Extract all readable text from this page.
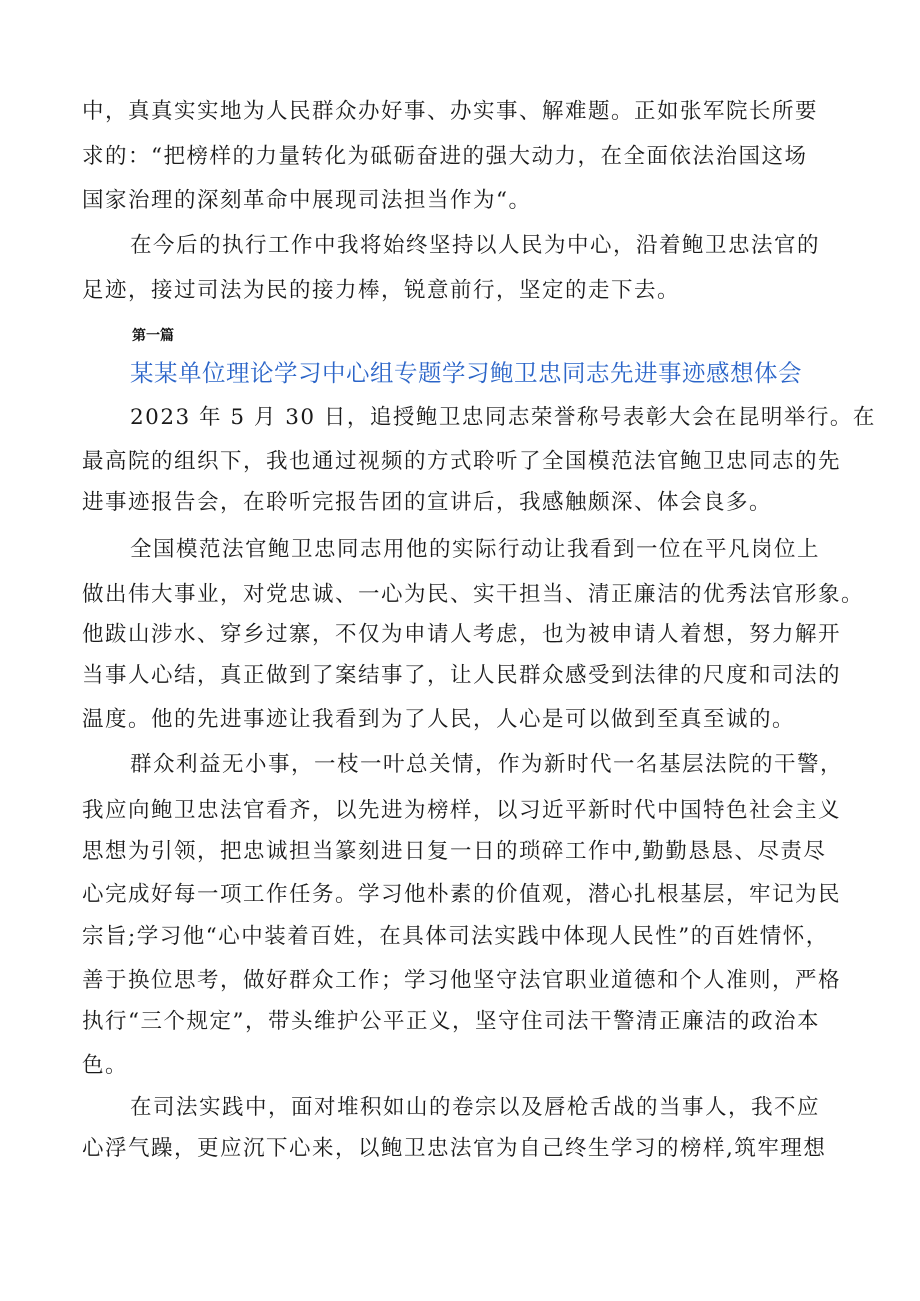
中，真真实实地为人民群众办好事、办实事、解难题。正如张军院长所要
求的：“把榜样的力量转化为砥砺奋进的强大动力，在全面依法治国这场
国家治理的深刻革命中展现司法担当作为“。
在今后的执行工作中我将始终坚持以人民为中心，沿着鲍卫忠法官的
足迹，接过司法为民的接力棒，锐意前行，坚定的走下去。
第一篇
某某单位理论学习中心组专题学习鲍卫忠同志先进事迹感想体会
2023 年 5 月 30 日，追授鲍卫忠同志荣誉称号表彰大会在昆明举行。在
最高院的组织下，我也通过视频的方式聆听了全国模范法官鲍卫忠同志的先
进事迹报告会，在聆听完报告团的宣讲后，我感触颇深、体会良多。
全国模范法官鲍卫忠同志用他的实际行动让我看到一位在平凡岗位上
做出伟大事业，对党忠诚、一心为民、实干担当、清正廉洁的优秀法官形象。
他跋山涉水、穿乡过寨，不仅为申请人考虑，也为被申请人着想，努力解开
当事人心结，真正做到了案结事了，让人民群众感受到法律的尺度和司法的
温度。他的先进事迹让我看到为了人民，人心是可以做到至真至诚的。
群众利益无小事，一枝一叶总关情，作为新时代一名基层法院的干警，
我应向鲍卫忠法官看齐，以先进为榜样，以习近平新时代中国特色社会主义
思想为引领，把忠诚担当篆刻进日复一日的琐碎工作中,勤勤恳恳、尽责尽
心完成好每一项工作任务。学习他朴素的价值观，潜心扎根基层，牢记为民
宗旨;学习他“心中装着百姓，在具体司法实践中体现人民性”的百姓情怀，
善于换位思考，做好群众工作；学习他坚守法官职业道德和个人准则，严格
执行“三个规定”，带头维护公平正义，坚守住司法干警清正廉洁的政治本
色。
在司法实践中，面对堆积如山的卷宗以及唇枪舌战的当事人，我不应
心浮气躁，更应沉下心来，以鲍卫忠法官为自己终生学习的榜样,筑牢理想
